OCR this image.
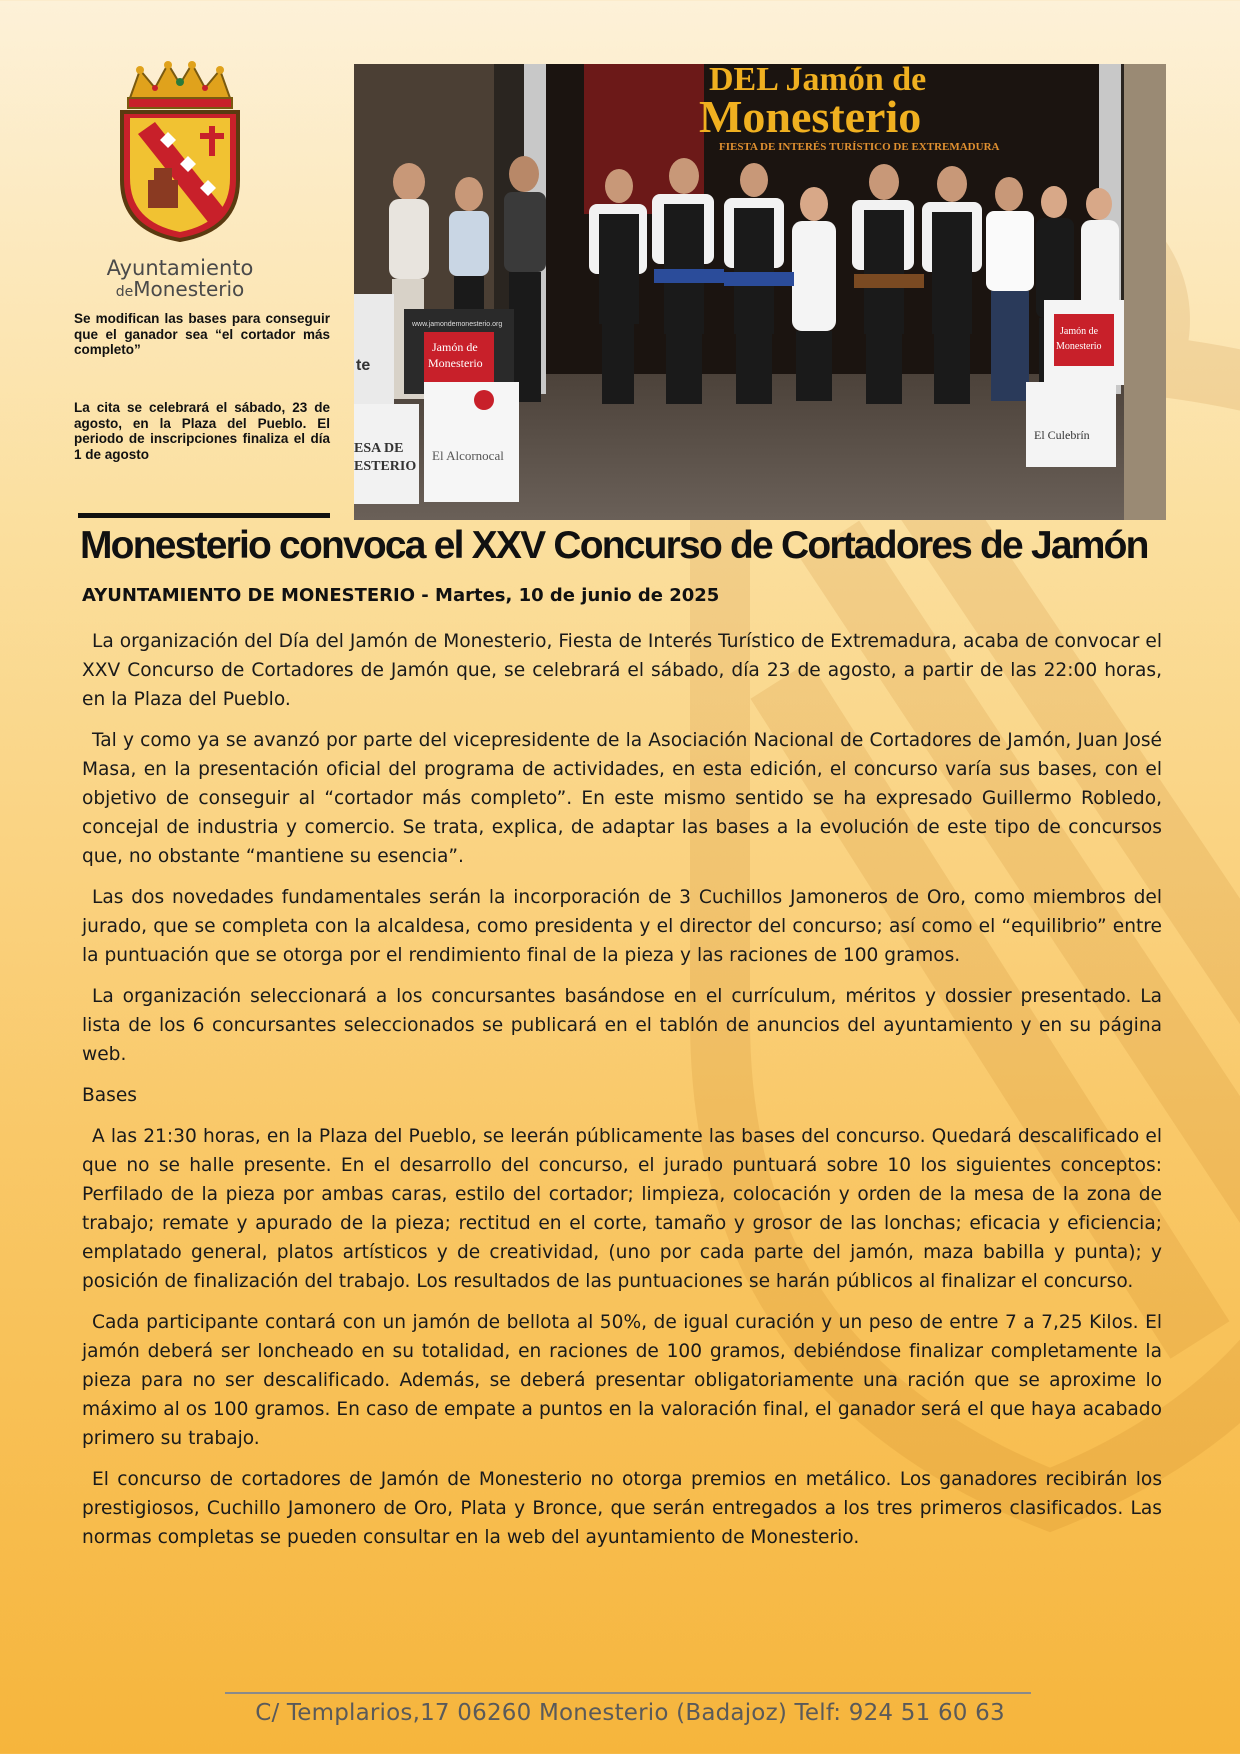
Ayuntamiento
deMonesterio
Se modifican las bases para conseguir que el ganador sea “el cortador más completo”
La cita se celebrará el sábado, 23 de agosto, en la Plaza del Pueblo. El periodo de inscripciones finaliza el día 1 de agosto
DEL Jamón de
Monesterio
FIESTA DE INTERÉS TURÍSTICO DE EXTREMADURA
www.jamondemonesterio.org
Jamón de
Monesterio
ESA DE
ESTERIO
El Alcornocal
te
Jamón de
Monesterio
El Culebrín
Monesterio convoca el XXV Concurso de Cortadores de Jamón

AYUNTAMIENTO DE MONESTERIO - Martes, 10 de junio de 2025

La organización del Día del Jamón de Monesterio, Fiesta de Interés Turístico de Extremadura, acaba de convocar el XXV Concurso de Cortadores de Jamón que, se celebrará el sábado, día 23 de agosto, a partir de las 22:00 horas, en la Plaza del Pueblo.

Tal y como ya se avanzó por parte del vicepresidente de la Asociación Nacional de Cortadores de Jamón, Juan José Masa, en la presentación oficial del programa de actividades, en esta edición, el concurso varía sus bases, con el objetivo de conseguir al “cortador más completo”. En este mismo sentido se ha expresado Guillermo Robledo, concejal de industria y comercio. Se trata, explica, de adaptar las bases a la evolución de este tipo de concursos que, no obstante “mantiene su esencia”.

Las dos novedades fundamentales serán la incorporación de 3 Cuchillos Jamoneros de Oro, como miembros del jurado, que se completa con la alcaldesa, como presidenta y el director del concurso; así como el “equilibrio” entre la puntuación que se otorga por el rendimiento final de la pieza y las raciones de 100 gramos.

La organización seleccionará a los concursantes basándose en el currículum, méritos y dossier presentado. La lista de los 6 concursantes seleccionados se publicará en el tablón de anuncios del ayuntamiento y en su página web.

Bases

A las 21:30 horas, en la Plaza del Pueblo, se leerán públicamente las bases del concurso. Quedará descalificado el que no se halle presente. En el desarrollo del concurso, el jurado puntuará sobre 10 los siguientes conceptos: Perfilado de la pieza por ambas caras, estilo del cortador; limpieza, colocación y orden de la mesa de la zona de trabajo; remate y apurado de la pieza; rectitud en el corte, tamaño y grosor de las lonchas; eficacia y eficiencia; emplatado general, platos artísticos y de creatividad, (uno por cada parte del jamón, maza babilla y punta); y posición de finalización del trabajo. Los resultados de las puntuaciones se harán públicos al finalizar el concurso.

Cada participante contará con un jamón de bellota al 50%, de igual curación y un peso de entre 7 a 7,25 Kilos. El jamón deberá ser loncheado en su totalidad, en raciones de 100 gramos, debiéndose finalizar completamente la pieza para no ser descalificado. Además, se deberá presentar obligatoriamente una ración que se aproxime lo máximo al os 100 gramos. En caso de empate a puntos en la valoración final, el ganador será el que haya acabado primero su trabajo.

El concurso de cortadores de Jamón de Monesterio no otorga premios en metálico. Los ganadores recibirán los prestigiosos, Cuchillo Jamonero de Oro, Plata y Bronce, que serán entregados a los tres primeros clasificados. Las normas completas se pueden consultar en la web del ayuntamiento de Monesterio.

C/ Templarios,17 06260 Monesterio (Badajoz) Telf: 924 51 60 63
